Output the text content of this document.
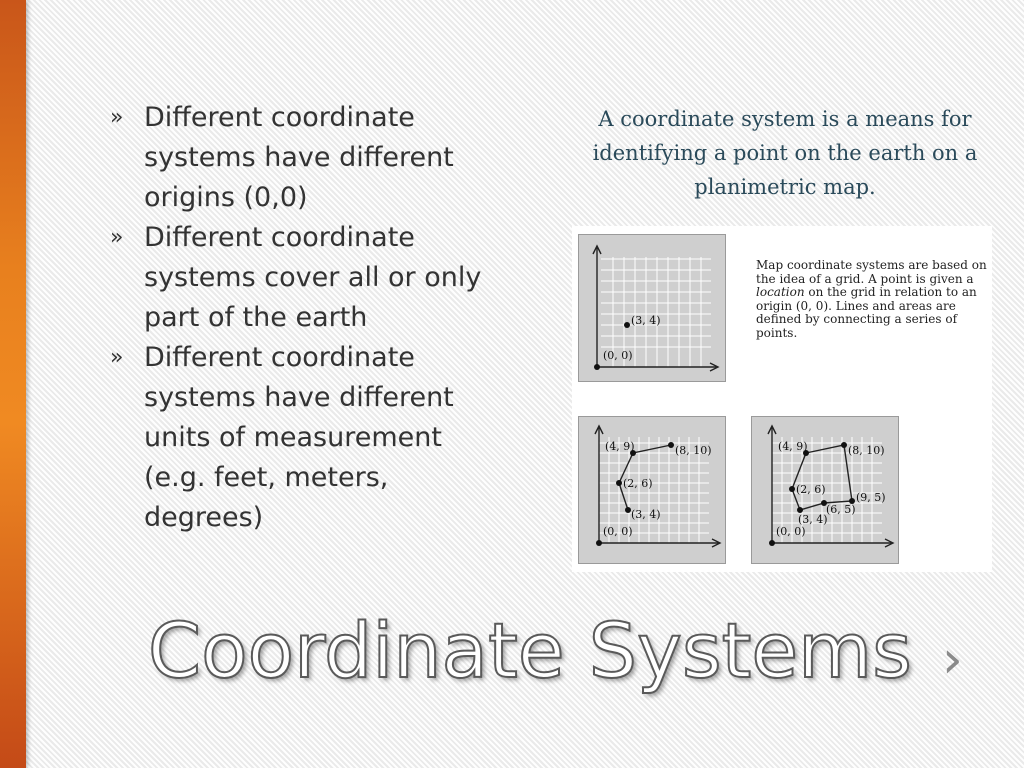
» Different coordinate systems have different origins (0,0)
» Different coordinate systems cover all or only part of the earth
» Different coordinate systems have different units of measurement (e.g. feet, meters, degrees)
A coordinate system is a means for identifying a point on the earth on a planimetric map.
(3, 4)
(0, 0)
Map coordinate systems are based on the idea of a grid. A point is given a location on the grid in relation to an origin (0, 0). Lines and areas are defined by connecting a series of points.
(4, 9)	(8, 10)
(2, 6)
(3, 4)
(0, 0)
(4, 9)	(8, 10)
(2, 6)
(9, 5)
(6, 5)
(3, 4)
(0, 0)
Coordinate Systems ›
